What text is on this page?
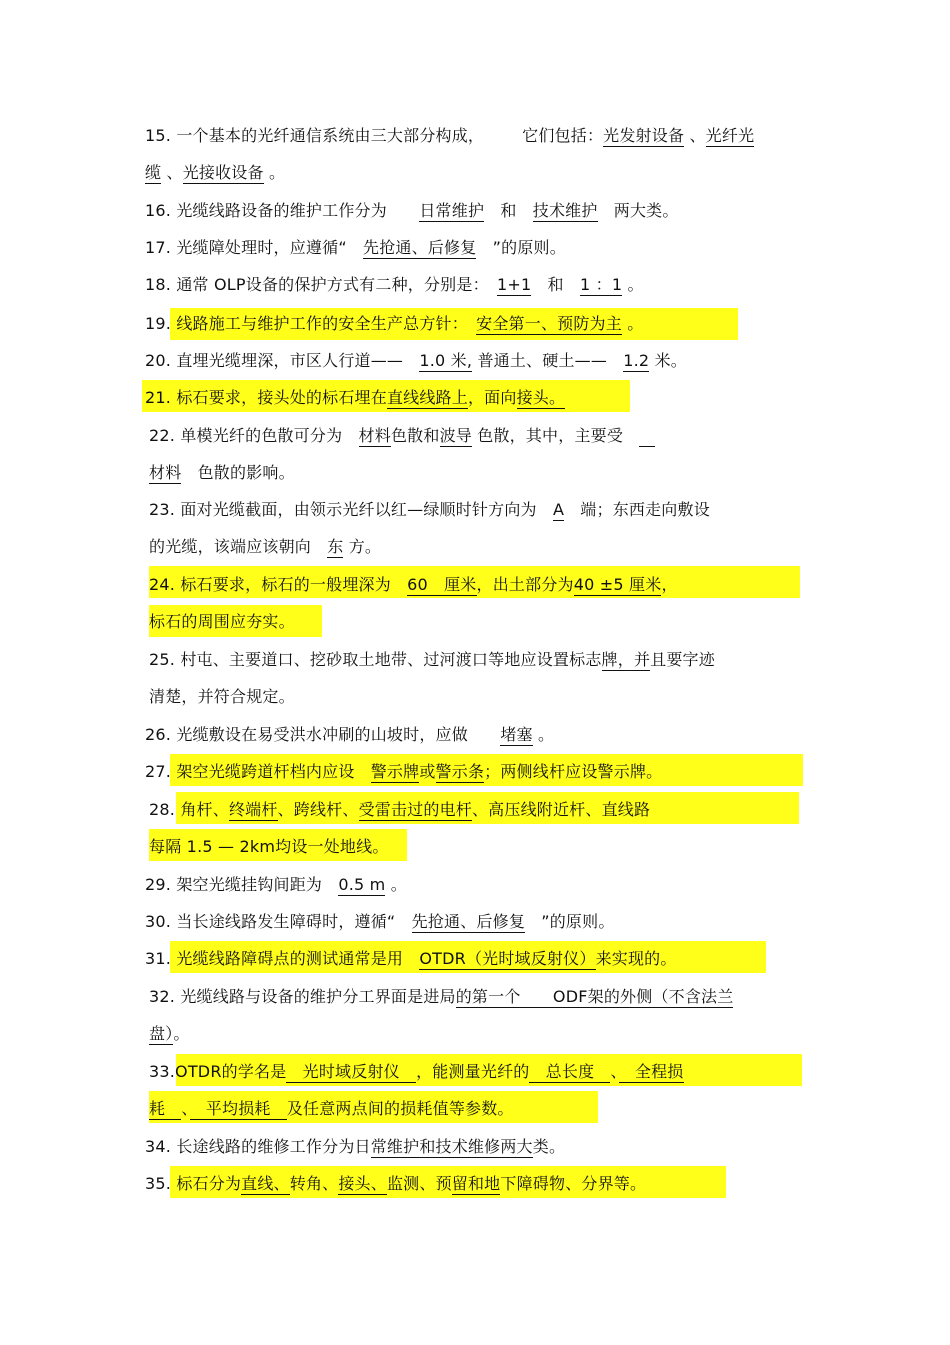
15. 一个基本的光纤通信系统由三大部分构成， 它们包括：光发射设备 、光纤光
缆 、光接收设备 。
16. 光缆线路设备的维护工作分为　　日常维护　和　技术维护　两大类。
17. 光缆障处理时，应遵循“　先抢通、后修复　”的原则。
18. 通常 OLP设备的保护方式有二种，分别是：　1+1　和　1 ：1 。
19. 线路施工与维护工作的安全生产总方针：　安全第一、预防为主 。
20. 直埋光缆埋深，市区人行道——　1.0 米, 普通土、硬土——　1.2 米。
21. 标石要求，接头处的标石埋在直线线路上，面向接头。
22. 单模光纤的色散可分为　材料色散和波导 色散，其中，主要受　　
材料　色散的影响。
23. 面对光缆截面，由领示光纤以红—绿顺时针方向为　A　端；东西走向敷设
的光缆，该端应该朝向　东 方。
24. 标石要求，标石的一般埋深为　60　厘米，出土部分为40 ±5 厘米，
标石的周围应夯实。
25. 村屯、主要道口、挖砂取土地带、过河渡口等地应设置标志牌，并且要字迹
清楚，并符合规定。
26. 光缆敷设在易受洪水冲刷的山坡时，应做　　堵塞 。
27. 架空光缆跨道杆档内应设　警示牌或警示条；两侧线杆应设警示牌。
28. 角杆、终端杆、跨线杆、受雷击过的电杆、高压线附近杆、直线路
每隔 1.5 — 2km均设一处地线。
29. 架空光缆挂钩间距为　0.5 m 。
30. 当长途线路发生障碍时，遵循“　先抢通、后修复　”的原则。
31. 光缆线路障碍点的测试通常是用　OTDR（光时域反射仪）来实现的。
32. 光缆线路与设备的维护分工界面是进局的第一个　　ODF架的外侧（不含法兰
盘）。
33.OTDR的学名是　光时域反射仪　，能测量光纤的　总长度　、　全程损
耗　、　平均损耗　及任意两点间的损耗值等参数。
34. 长途线路的维修工作分为日常维护和技术维修两大类。
35. 标石分为直线、转角、接头、监测、预留和地下障碍物、分界等。
